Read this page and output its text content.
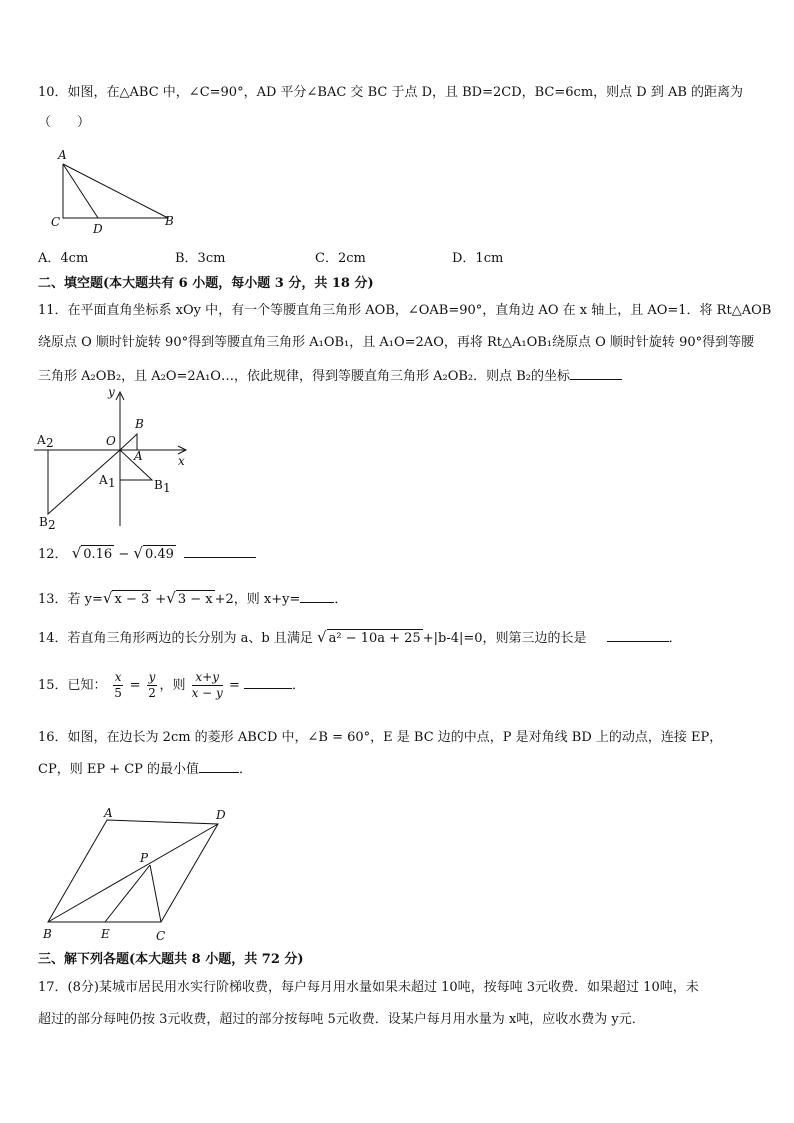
10．如图，在△ABC 中，∠C=90°，AD 平分∠BAC 交 BC 于点 D，且 BD=2CD，BC=6cm，则点 D 到 AB 的距离为
（　　）
A
C	B
D
A．4cm	B．3cm	C．2cm	D．1cm
二、填空题(本大题共有 6 小题，每小题 3 分，共 18 分)
11．在平面直角坐标系 xOy 中，有一个等腰直角三角形 AOB，∠OAB=90°，直角边 AO 在 x 轴上，且 AO=1．将 Rt△AOB
绕原点 O 顺时针旋转 90°得到等腰直角三角形 A₁OB₁，且 A₁O=2AO，再将 Rt△A₁OB₁绕原点 O 顺时针旋转 90°得到等腰
三角形 A₂OB₂，且 A₂O=2A₁O…，依此规律，得到等腰直角三角形 A₂OB₂．则点 B₂的坐标
y
x
O
B
A
A 1	B 1
A 2
B 2
12． √ 0.16 − √ 0.49
13．若 y=√ x − 3 +√ 3 − x +2，则 x+y=	．
14．若直角三角形两边的长分别为 a、b 且满足 √ a² − 10a + 25 +|b-4|=0，则第三边的长是	．
15．已知： $\frac{x}{5} = \frac{y}{2}$ ，则 $\frac{x+y}{x - y}$ =	．
16．如图，在边长为 2cm 的菱形 ABCD 中，∠B = 60°，E 是 BC 边的中点，P 是对角线 BD 上的动点，连接 EP，
CP，则 EP + CP 的最小值	．
A	D
P
B	E	C
三、解下列各题(本大题共 8 小题，共 72 分)
17．(8分)某城市居民用水实行阶梯收费，每户每月用水量如果未超过 10吨，按每吨 3元收费．如果超过 10吨，未
超过的部分每吨仍按 3元收费，超过的部分按每吨 5元收费．设某户每月用水量为 x吨，应收水费为 y元．
